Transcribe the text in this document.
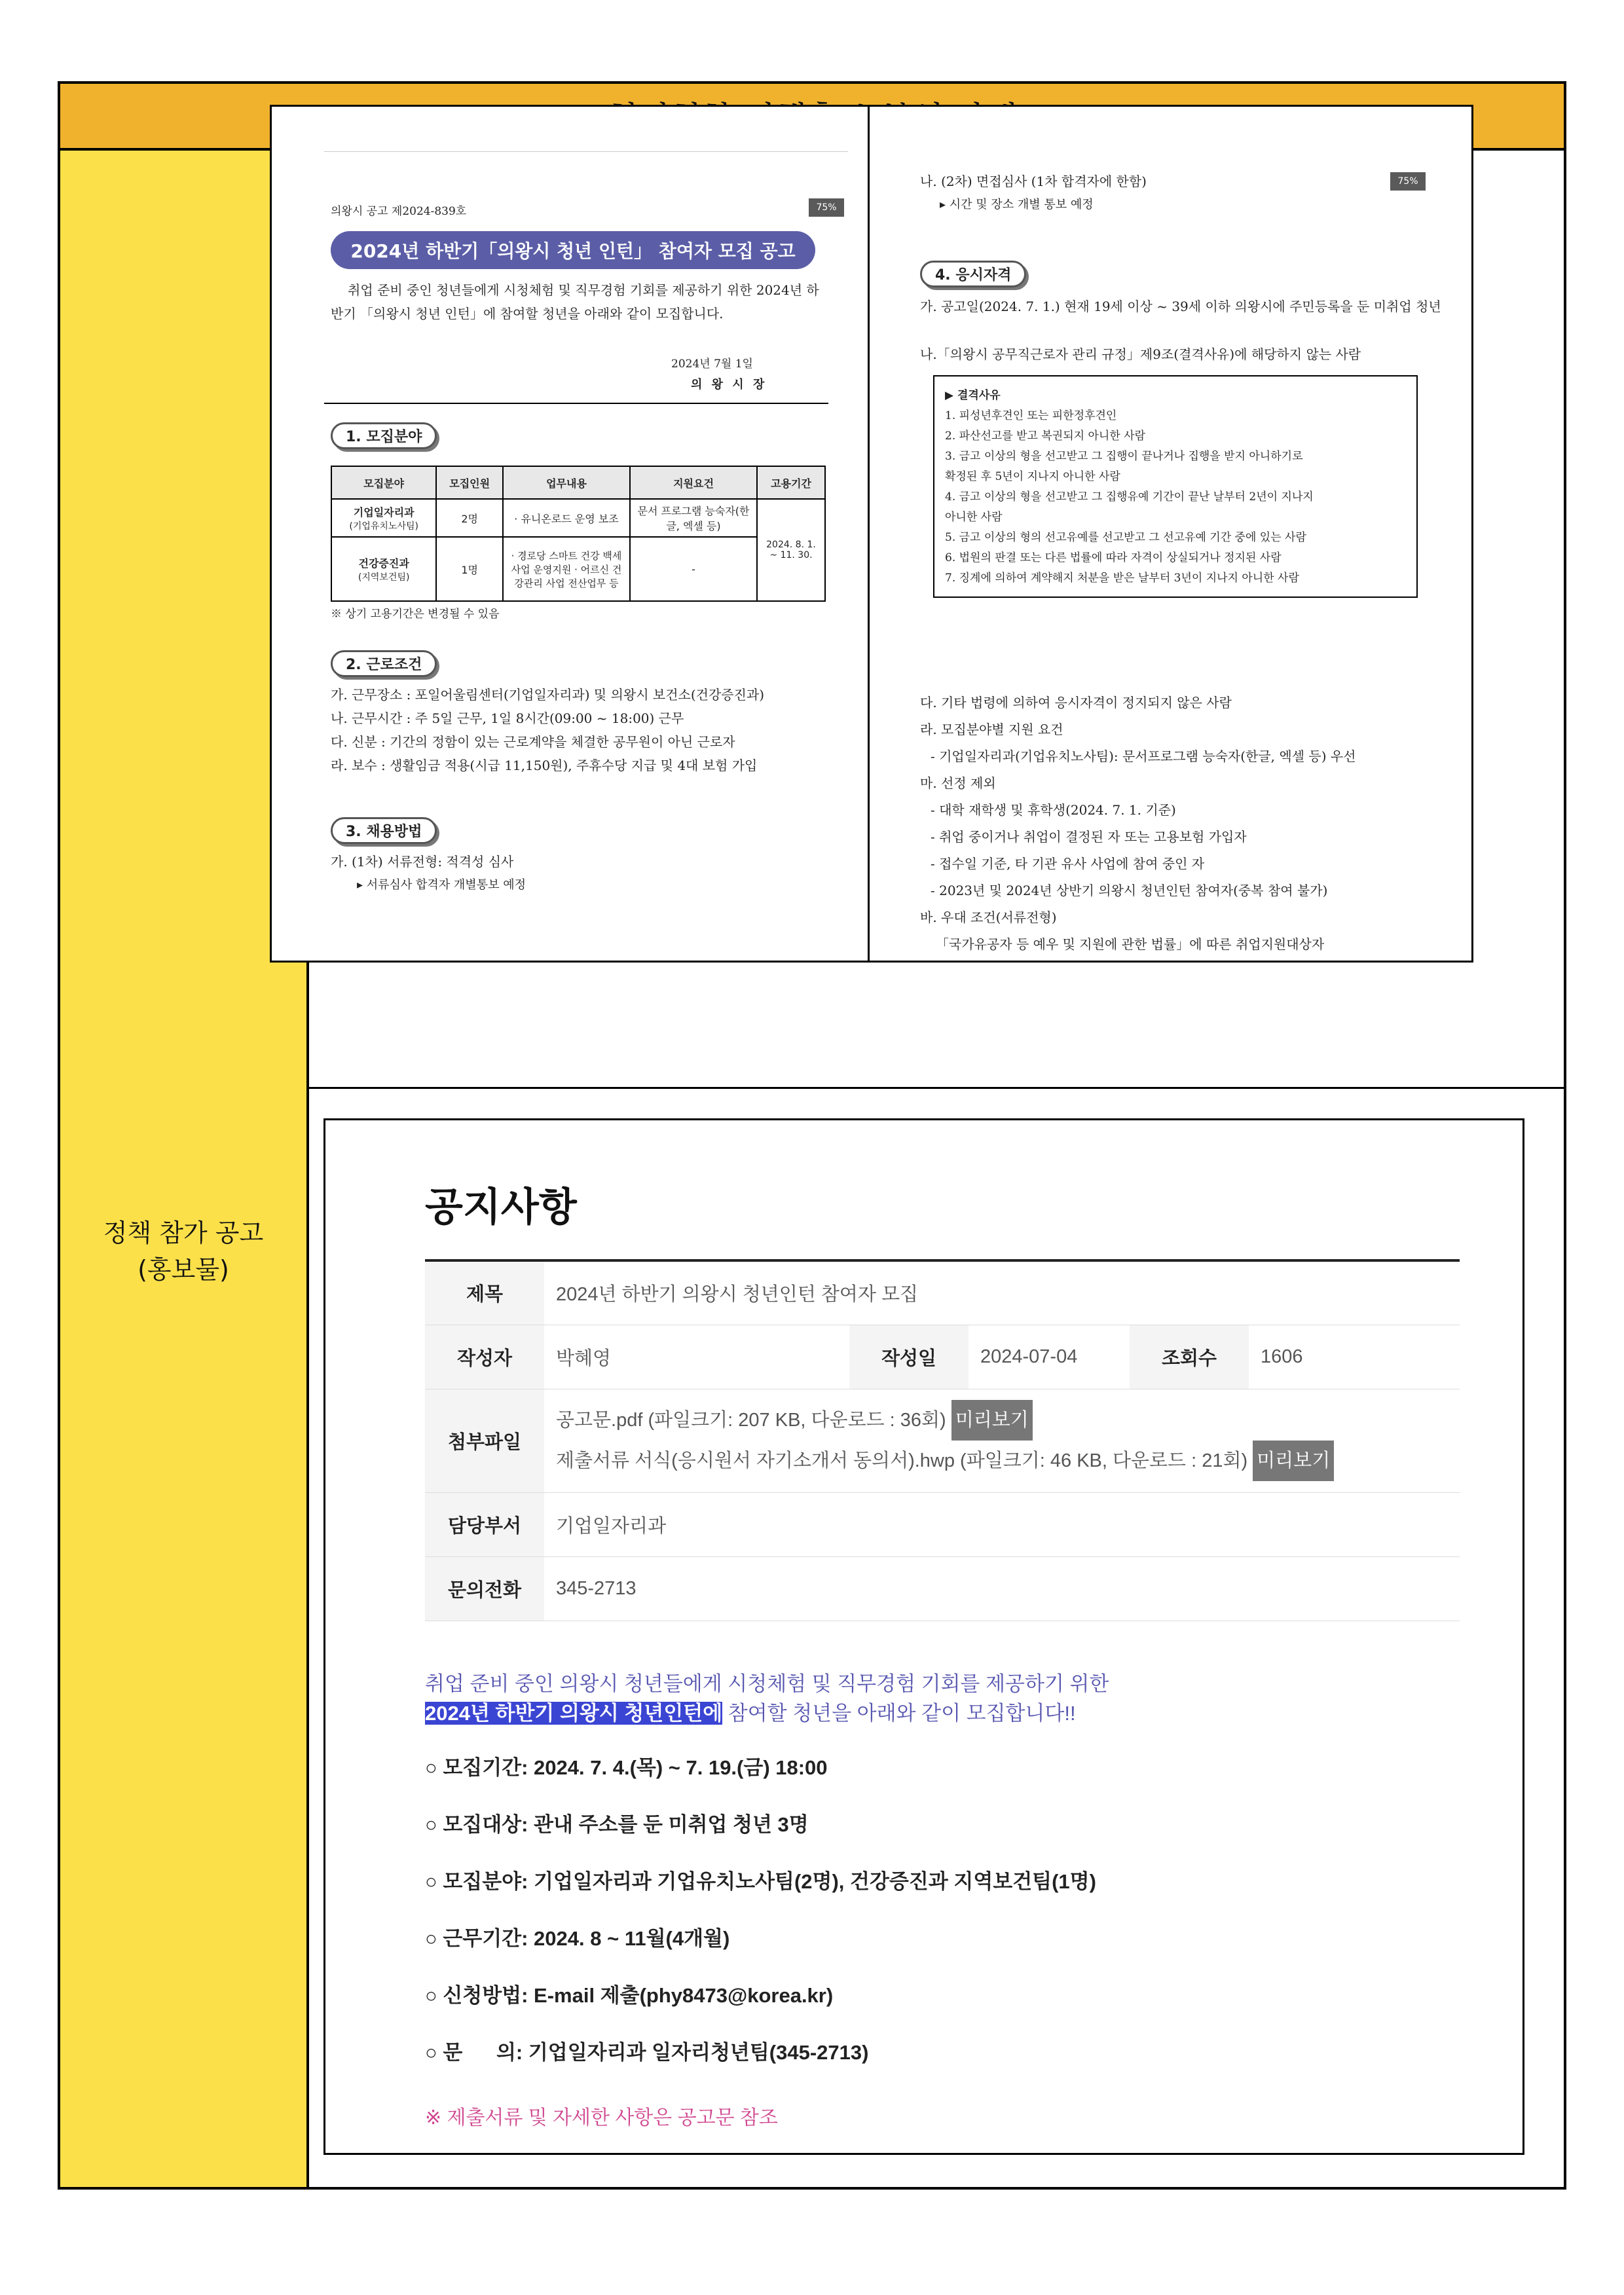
정책 참가 공고
(홍보물)
의왕시 공고 제2024-839호	75%
2024년 하반기「의왕시 청년 인턴」 참여자 모집 공고
취업 준비 중인 청년들에게 시청체험 및 직무경험 기회를 제공하기 위한 2024년 하반기 「의왕시 청년 인턴」에 참여할 청년을 아래와 같이 모집합니다.
2024년 7월 1일
의 왕 시 장
1. 모집분야
모집분야	모집인원	업무내용	지원요건	고용기간

기업일자리과
(기업유치노사팀)	2명	· 유니온로드 운영 보조	문서 프로그램 능숙자(한글, 엑셀 등)	2024. 8. 1. ~ 11. 30.

건강증진과
(지역보건팀)	1명	· 경로당 스마트 건강 백세사업 운영지원 · 어르신 건강관리 사업 전산업무 등	-	
※ 상기 고용기간은 변경될 수 있음
2. 근로조건
가. 근무장소 : 포일어울림센터(기업일자리과) 및 의왕시 보건소(건강증진과)
나. 근무시간 : 주 5일 근무, 1일 8시간(09:00 ~ 18:00) 근무
다. 신분 : 기간의 정함이 있는 근로계약을 체결한 공무원이 아닌 근로자
라. 보수 : 생활임금 적용(시급 11,150원), 주휴수당 지급 및 4대 보험 가입
3. 채용방법
가. (1차) 서류전형: 적격성 심사
▸ 서류심사 합격자 개별통보 예정
75%
나. (2차) 면접심사 (1차 합격자에 한함)
▸ 시간 및 장소 개별 통보 예정
4. 응시자격
가. 공고일(2024. 7. 1.) 현재 19세 이상 ~ 39세 이하 의왕시에 주민등록을 둔 미취업 청년
나.「의왕시 공무직근로자 관리 규정」제9조(결격사유)에 해당하지 않는 사람
▶ 결격사유
1. 피성년후견인 또는 피한정후견인
2. 파산선고를 받고 복권되지 아니한 사람
3. 금고 이상의 형을 선고받고 그 집행이 끝나거나 집행을 받지 아니하기로
확정된 후 5년이 지나지 아니한 사람
4. 금고 이상의 형을 선고받고 그 집행유예 기간이 끝난 날부터 2년이 지나지
아니한 사람
5. 금고 이상의 형의 선고유예를 선고받고 그 선고유예 기간 중에 있는 사람
6. 법원의 판결 또는 다른 법률에 따라 자격이 상실되거나 정지된 사람
7. 징계에 의하여 계약해지 처분을 받은 날부터 3년이 지나지 아니한 사람
다. 기타 법령에 의하여 응시자격이 정지되지 않은 사람
라. 모집분야별 지원 요건
- 기업일자리과(기업유치노사팀): 문서프로그램 능숙자(한글, 엑셀 등) 우선
마. 선정 제외
- 대학 재학생 및 휴학생(2024. 7. 1. 기준)
- 취업 중이거나 취업이 결정된 자 또는 고용보험 가입자
- 접수일 기준, 타 기관 유사 사업에 참여 중인 자
- 2023년 및 2024년 상반기 의왕시 청년인턴 참여자(중복 참여 불가)
바. 우대 조건(서류전형)
「국가유공자 등 예우 및 지원에 관한 법률」에 따른 취업지원대상자
공지사항
제목	2024년 하반기 의왕시 청년인턴 참여자 모집				
작성자	박혜영	작성일	2024-07-04	조회수	1606
첨부파일	공고문.pdf (파일크기: 207 KB, 다운로드 : 36회) 미리보기
제출서류 서식(응시원서 자기소개서 동의서).hwp (파일크기: 46 KB, 다운로드 : 21회) 미리보기				

담당부서	기업일자리과				
문의전화	345-2713				
취업 준비 중인 의왕시 청년들에게 시청체험 및 직무경험 기회를 제공하기 위한
2024년 하반기 의왕시 청년인턴에 참여할 청년을 아래와 같이 모집합니다!!
○ 모집기간: 2024. 7. 4.(목) ~ 7. 19.(금) 18:00
○ 모집대상: 관내 주소를 둔 미취업 청년 3명
○ 모집분야: 기업일자리과 기업유치노사팀(2명), 건강증진과 지역보건팀(1명)
○ 근무기간: 2024. 8 ~ 11월(4개월)
○ 신청방법: E-mail 제출(phy8473@korea.kr)
○ 문      의: 기업일자리과 일자리청년팀(345-2713)
※ 제출서류 및 자세한 사항은 공고문 참조
